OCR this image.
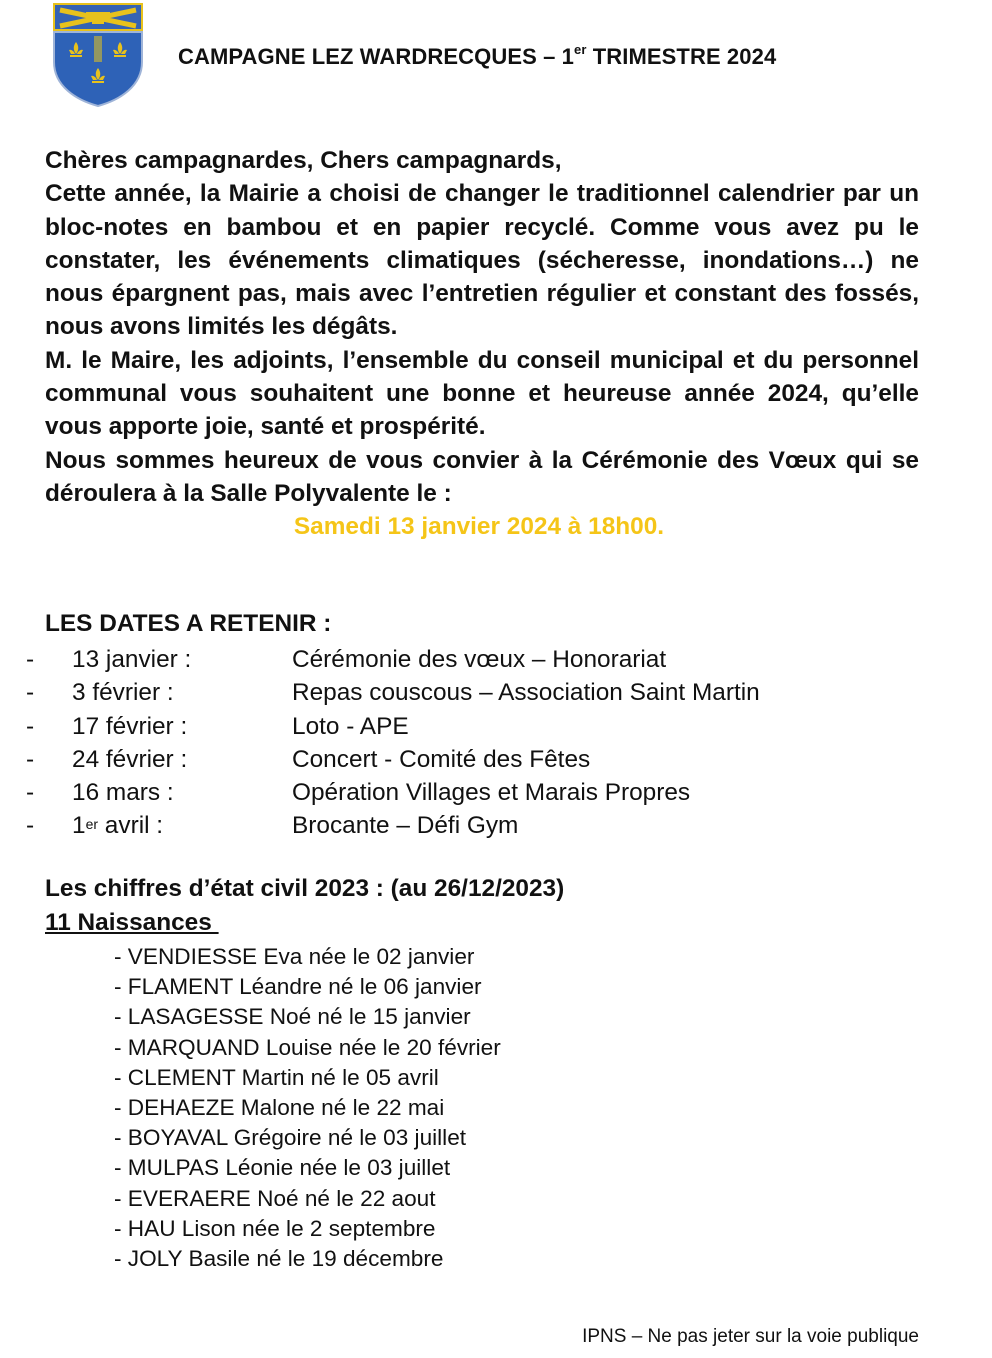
CAMPAGNE LEZ WARDRECQUES – 1er TRIMESTRE 2024

Chères campagnardes, Chers campagnards,

Cette année, la Mairie a choisi de changer le traditionnel calendrier par un bloc-notes en bambou et en papier recyclé. Comme vous avez pu le constater, les événements climatiques (sécheresse, inondations…) ne nous épargnent pas, mais avec l’entretien régulier et constant des fossés, nous avons limités les dégâts.

M. le Maire, les adjoints, l’ensemble du conseil municipal et du personnel communal vous souhaitent une bonne et heureuse année 2024, qu’elle vous apporte joie, santé et prospérité.

Nous sommes heureux de vous convier à la Cérémonie des Vœux qui se déroulera à la Salle Polyvalente le :

Samedi 13 janvier 2024 à 18h00.

LES DATES A RETENIR :
- 13 janvier :	Cérémonie des vœux – Honorariat
- 3 février :	Repas couscous – Association Saint Martin
- 17 février :	Loto - APE
- 24 février :	Concert - Comité des Fêtes
- 16 mars :	Opération Villages et Marais Propres
- 1er avril :	Brocante – Défi Gym
Les chiffres d’état civil 2023 : (au 26/12/2023)
11 Naissances
- VENDIESSE Eva née le 02 janvier
- FLAMENT Léandre né le 06 janvier
- LASAGESSE Noé né le 15 janvier
- MARQUAND Louise née le 20 février
- CLEMENT Martin né le 05 avril
- DEHAEZE Malone né le 22 mai
- BOYAVAL Grégoire né le 03 juillet
- MULPAS Léonie née le 03 juillet
- EVERAERE Noé né le 22 aout
- HAU Lison née le 2 septembre
- JOLY Basile né le 19 décembre
IPNS – Ne pas jeter sur la voie publique
